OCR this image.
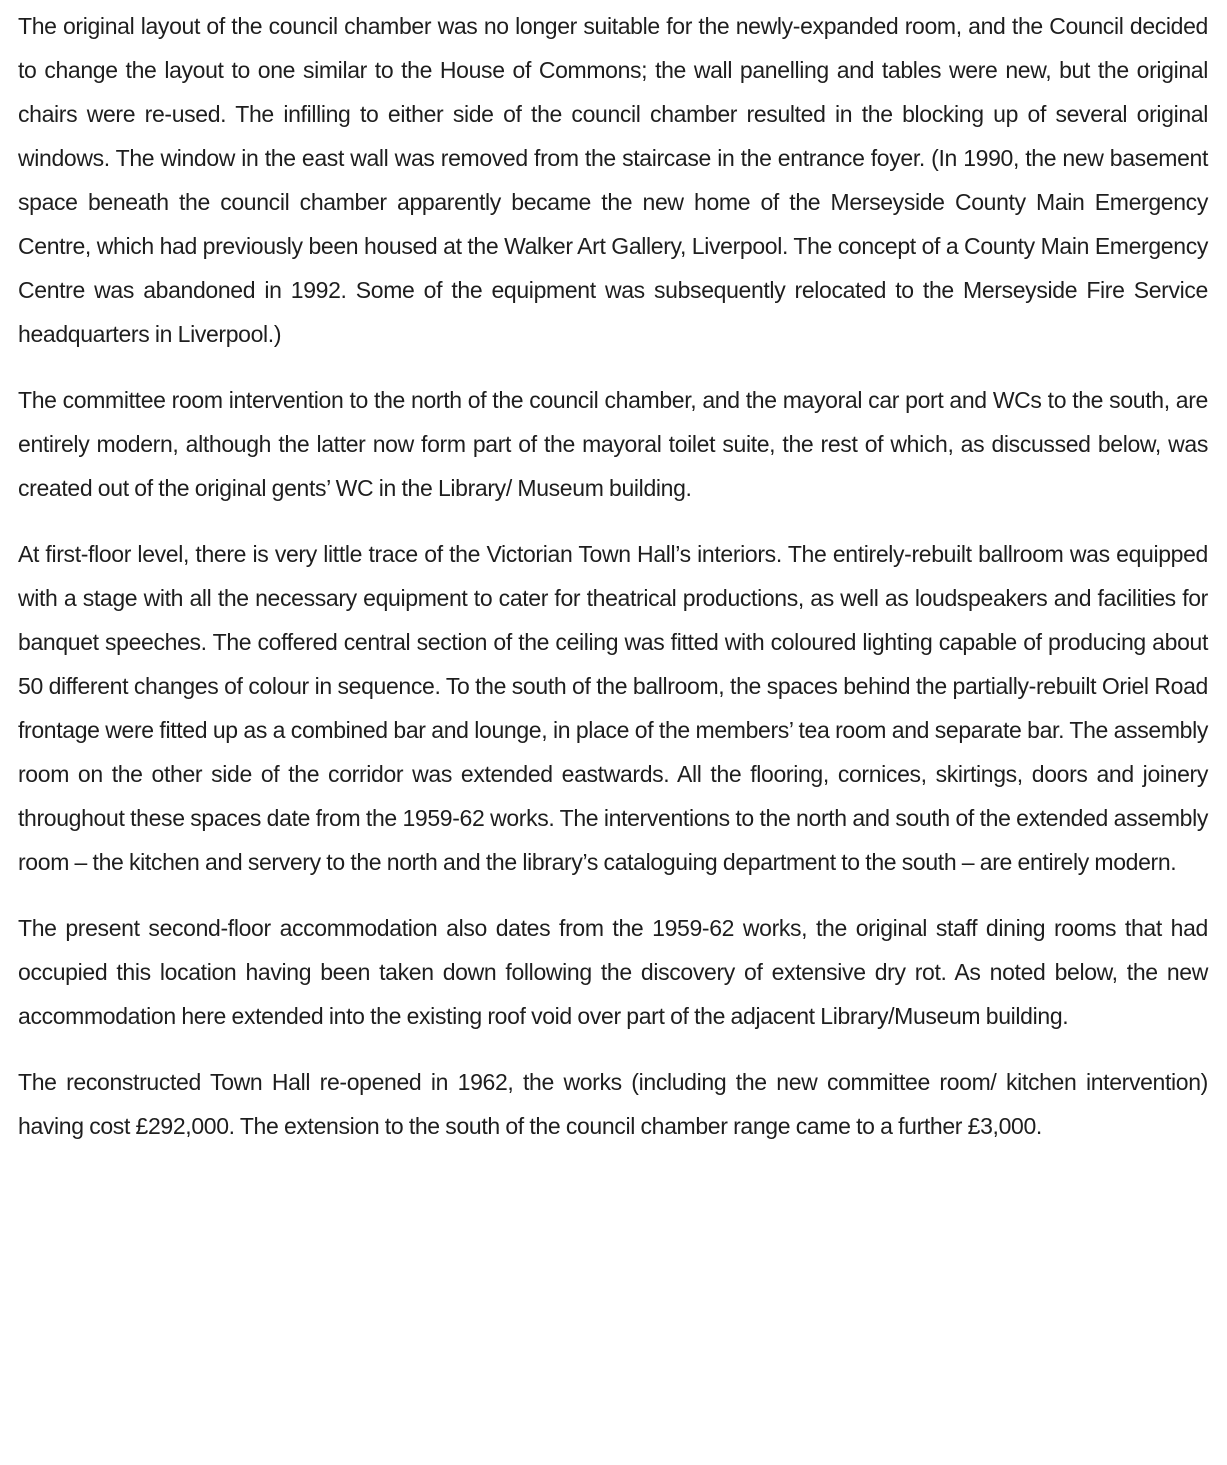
The original layout of the council chamber was no longer suitable for the newly-expanded room, and the Council decided to change the layout to one similar to the House of Commons; the wall panelling and tables were new, but the original chairs were re-used. The infilling to either side of the council chamber resulted in the blocking up of several original windows. The window in the east wall was removed from the staircase in the entrance foyer. (In 1990, the new basement space beneath the council chamber apparently became the new home of the Merseyside County Main Emergency Centre, which had previously been housed at the Walker Art Gallery, Liverpool. The concept of a County Main Emergency Centre was abandoned in 1992. Some of the equipment was subsequently relocated to the Merseyside Fire Service headquarters in Liverpool.)

The committee room intervention to the north of the council chamber, and the mayoral car port and WCs to the south, are entirely modern, although the latter now form part of the mayoral toilet suite, the rest of which, as discussed below, was created out of the original gents’ WC in the Library/ Museum building.

At first-floor level, there is very little trace of the Victorian Town Hall’s interiors. The entirely-rebuilt ballroom was equipped with a stage with all the necessary equipment to cater for theatrical productions, as well as loudspeakers and facilities for banquet speeches. The coffered central section of the ceiling was fitted with coloured lighting capable of producing about 50 different changes of colour in sequence. To the south of the ballroom, the spaces behind the partially-rebuilt Oriel Road frontage were fitted up as a combined bar and lounge, in place of the members’ tea room and separate bar. The assembly room on the other side of the corridor was extended eastwards. All the flooring, cornices, skirtings, doors and joinery throughout these spaces date from the 1959-62 works. The interventions to the north and south of the extended assembly room – the kitchen and servery to the north and the library’s cataloguing department to the south – are entirely modern.

The present second-floor accommodation also dates from the 1959-62 works, the original staff dining rooms that had occupied this location having been taken down following the discovery of extensive dry rot. As noted below, the new accommodation here extended into the existing roof void over part of the adjacent Library/Museum building.

The reconstructed Town Hall re-opened in 1962, the works (including the new committee room/ kitchen intervention) having cost £292,000. The extension to the south of the council chamber range came to a further £3,000.
